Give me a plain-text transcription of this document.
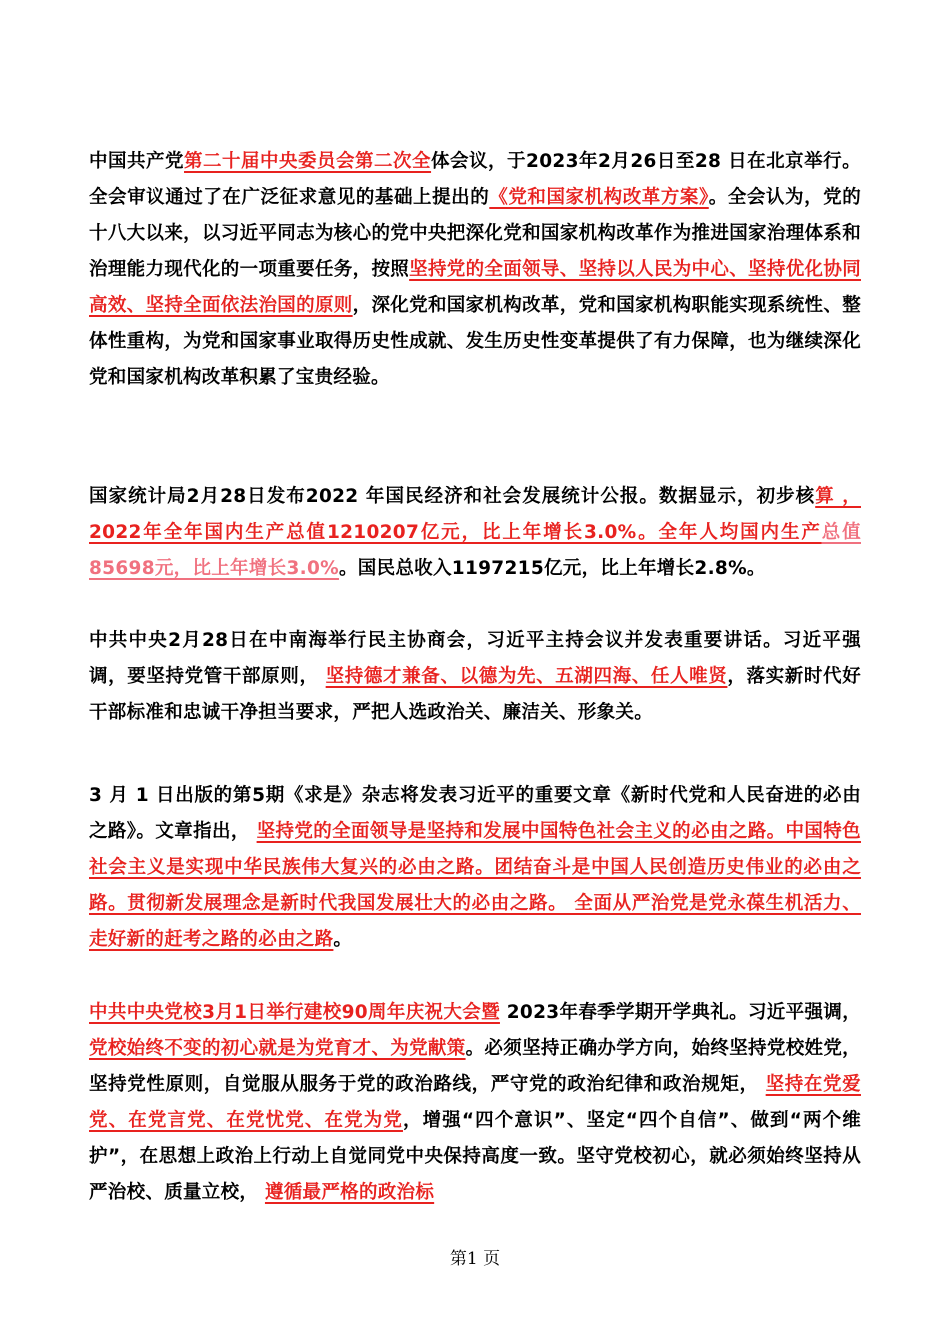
中国共产党第二十届中央委员会第二次全体会议，于2023年2月26日至28 日在北京举行。全会审议通过了在广泛征求意见的基础上提出的《党和国家机构改革方案》。全会认为，党的十八大以来，以习近平同志为核心的党中央把深化党和国家机构改革作为推进国家治理体系和治理能力现代化的一项重要任务，按照坚持党的全面领导、坚持以人民为中心、坚持优化协同高效、坚持全面依法治国的原则，深化党和国家机构改革，党和国家机构职能实现系统性、整体性重构，为党和国家事业取得历史性成就、发生历史性变革提供了有力保障，也为继续深化党和国家机构改革积累了宝贵经验。

国家统计局2月28日发布2022 年国民经济和社会发展统计公报。数据显示，初步核算 ， 2022年全年国内生产总值1210207亿元，比上年增长3.0%。全年人均国内生产总值85698元，比上年增长3.0%。国民总收入1197215亿元，比上年增长2.8%。

中共中央2月28日在中南海举行民主协商会，习近平主持会议并发表重要讲话。习近平强调，要坚持党管干部原则， 坚持德才兼备、以德为先、五湖四海、任人唯贤，落实新时代好干部标准和忠诚干净担当要求，严把人选政治关、廉洁关、形象关。

3 月 1 日出版的第5期《求是》杂志将发表习近平的重要文章《新时代党和人民奋进的必由之路》。文章指出， 坚持党的全面领导是坚持和发展中国特色社会主义的必由之路。中国特色社会主义是实现中华民族伟大复兴的必由之路。团结奋斗是中国人民创造历史伟业的必由之路。贯彻新发展理念是新时代我国发展壮大的必由之路。 全面从严治党是党永葆生机活力、走好新的赶考之路的必由之路。

中共中央党校3月1日举行建校90周年庆祝大会暨 2023年春季学期开学典礼。习近平强调， 党校始终不变的初心就是为党育才、为党献策。必须坚持正确办学方向，始终坚持党校姓党，坚持党性原则，自觉服从服务于党的政治路线，严守党的政治纪律和政治规矩， 坚持在党爱党、在党言党、在党忧党、在党为党，增强“四个意识”、坚定“四个自信”、做到“两个维护”，在思想上政治上行动上自觉同党中央保持高度一致。坚守党校初心，就必须始终坚持从严治校、质量立校， 遵循最严格的政治标

第1 页
